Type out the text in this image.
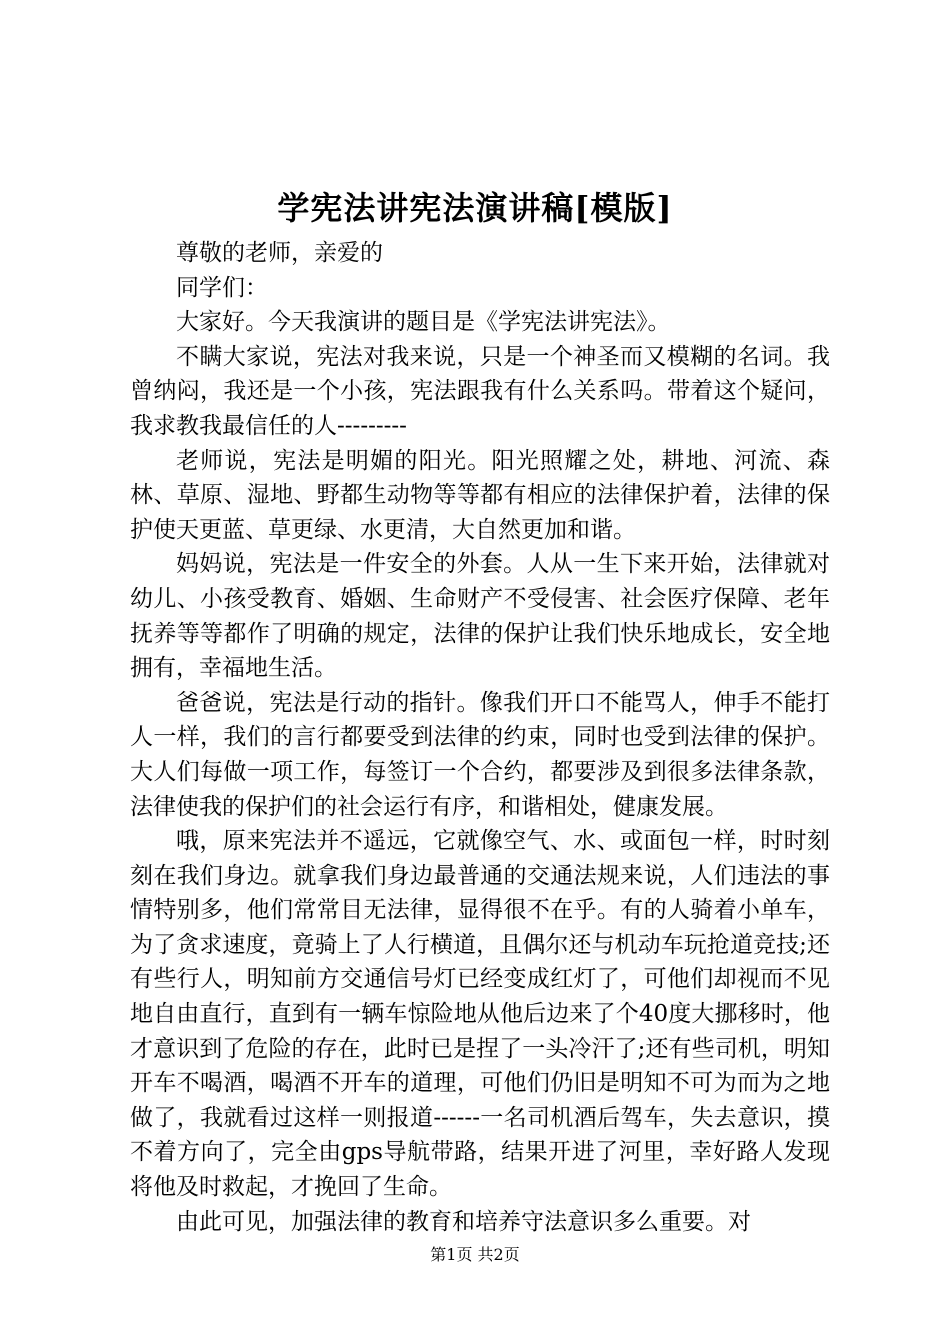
学宪法讲宪法演讲稿[模版]

尊敬的老师，亲爱的

同学们：

大家好。今天我演讲的题目是《学宪法讲宪法》。

不瞒大家说，宪法对我来说，只是一个神圣而又模糊的名词。我曾纳闷，我还是一个小孩，宪法跟我有什么关系吗。带着这个疑问，我求教我最信任的人---------

老师说，宪法是明媚的阳光。阳光照耀之处，耕地、河流、森林、草原、湿地、野都生动物等等都有相应的法律保护着，法律的保护使天更蓝、草更绿、水更清，大自然更加和谐。

妈妈说，宪法是一件安全的外套。人从一生下来开始，法律就对幼儿、小孩受教育、婚姻、生命财产不受侵害、社会医疗保障、老年抚养等等都作了明确的规定，法律的保护让我们快乐地成长，安全地拥有，幸福地生活。

爸爸说，宪法是行动的指针。像我们开口不能骂人，伸手不能打人一样，我们的言行都要受到法律的约束，同时也受到法律的保护。大人们每做一项工作，每签订一个合约，都要涉及到很多法律条款，法律使我的保护们的社会运行有序，和谐相处，健康发展。

哦，原来宪法并不遥远，它就像空气、水、或面包一样，时时刻刻在我们身边。就拿我们身边最普通的交通法规来说，人们违法的事情特别多，他们常常目无法律，显得很不在乎。有的人骑着小单车，为了贪求速度，竟骑上了人行横道，且偶尔还与机动车玩抢道竞技;还有些行人，明知前方交通信号灯已经变成红灯了，可他们却视而不见地自由直行，直到有一辆车惊险地从他后边来了个40度大挪移时，他才意识到了危险的存在，此时已是捏了一头冷汗了;还有些司机，明知开车不喝酒，喝酒不开车的道理，可他们仍旧是明知不可为而为之地做了，我就看过这样一则报道------一名司机酒后驾车，失去意识，摸不着方向了，完全由gps导航带路，结果开进了河里，幸好路人发现将他及时救起，才挽回了生命。

由此可见，加强法律的教育和培养守法意识多么重要。对

第1页 共2页
